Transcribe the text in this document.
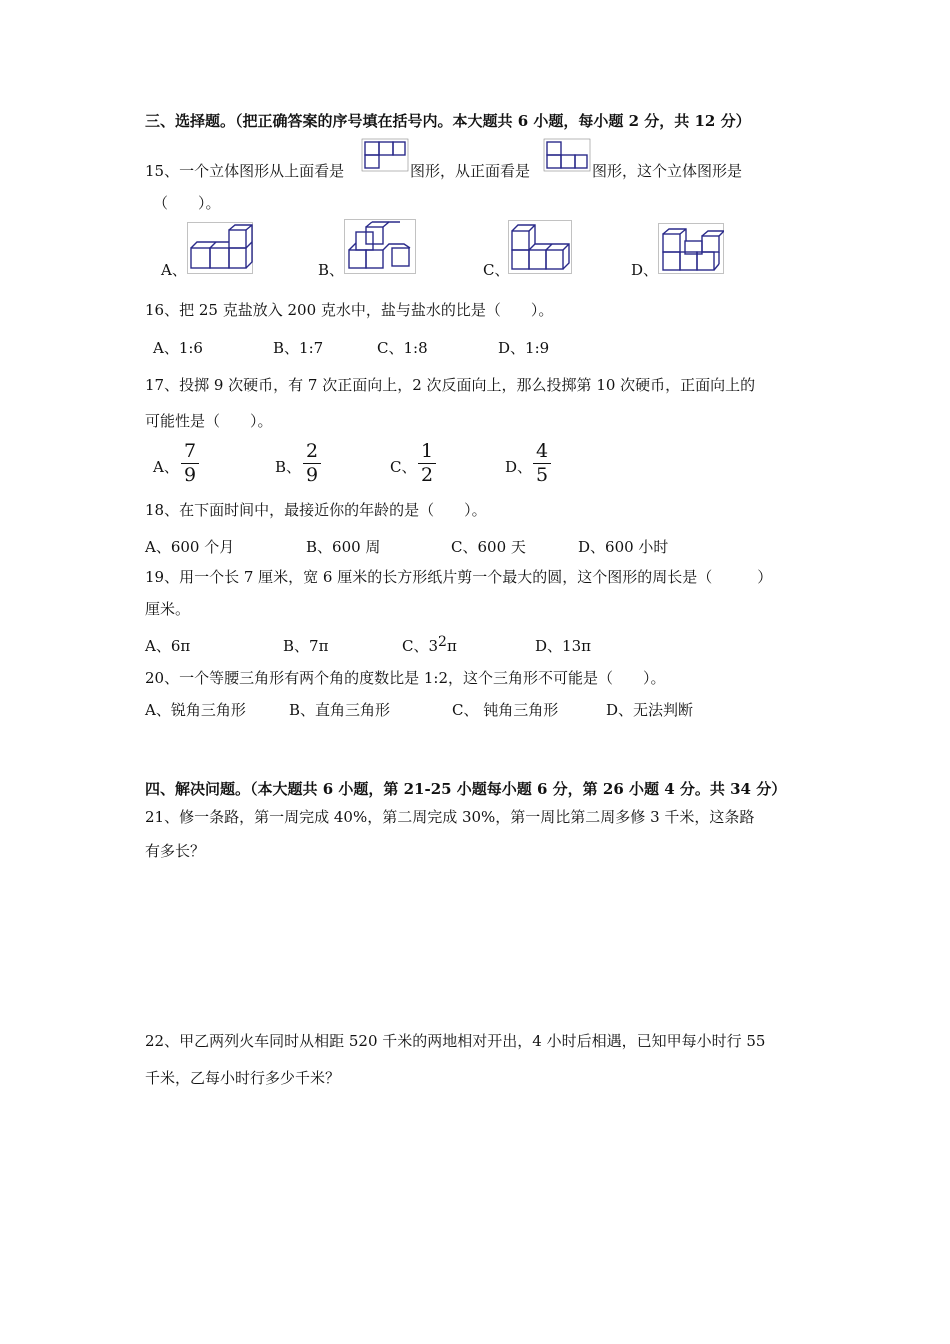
三、选择题。（把正确答案的序号填在括号内。本大题共 6 小题，每小题 2 分，共 12 分）
15、一个立体图形从上面看是	图形，从正面看是	图形，这个立体图形是
（　　）。
A、	B、	C、	D、
16、把 25 克盐放入 200 克水中，盐与盐水的比是（　　）。
A、1:6	B、1:7	C、1:8	D、1:9
17、投掷 9 次硬币，有 7 次正面向上，2 次反面向上，那么投掷第 10 次硬币，正面向上的
可能性是（　　）。
A、
7
9	B、
2
9	C、
1
2	D、
4
5
18、在下面时间中，最接近你的年龄的是（　　）。
A、600 个月	B、600 周	C、600 天	D、600 小时
19、用一个长 7 厘米，宽 6 厘米的长方形纸片剪一个最大的圆，这个图形的周长是（　　　）
厘米。
A、6π	B、7π	C、32π	D、13π
20、一个等腰三角形有两个角的度数比是 1:2，这个三角形不可能是（　　）。
A、锐角三角形	B、直角三角形	C、 钝角三角形	D、无法判断
四、解决问题。（本大题共 6 小题，第 21-25 小题每小题 6 分，第 26 小题 4 分。共 34 分）
21、修一条路，第一周完成 40%，第二周完成 30%，第一周比第二周多修 3 千米，这条路
有多长？
22、甲乙两列火车同时从相距 520 千米的两地相对开出，4 小时后相遇，已知甲每小时行 55
千米，乙每小时行多少千米？
